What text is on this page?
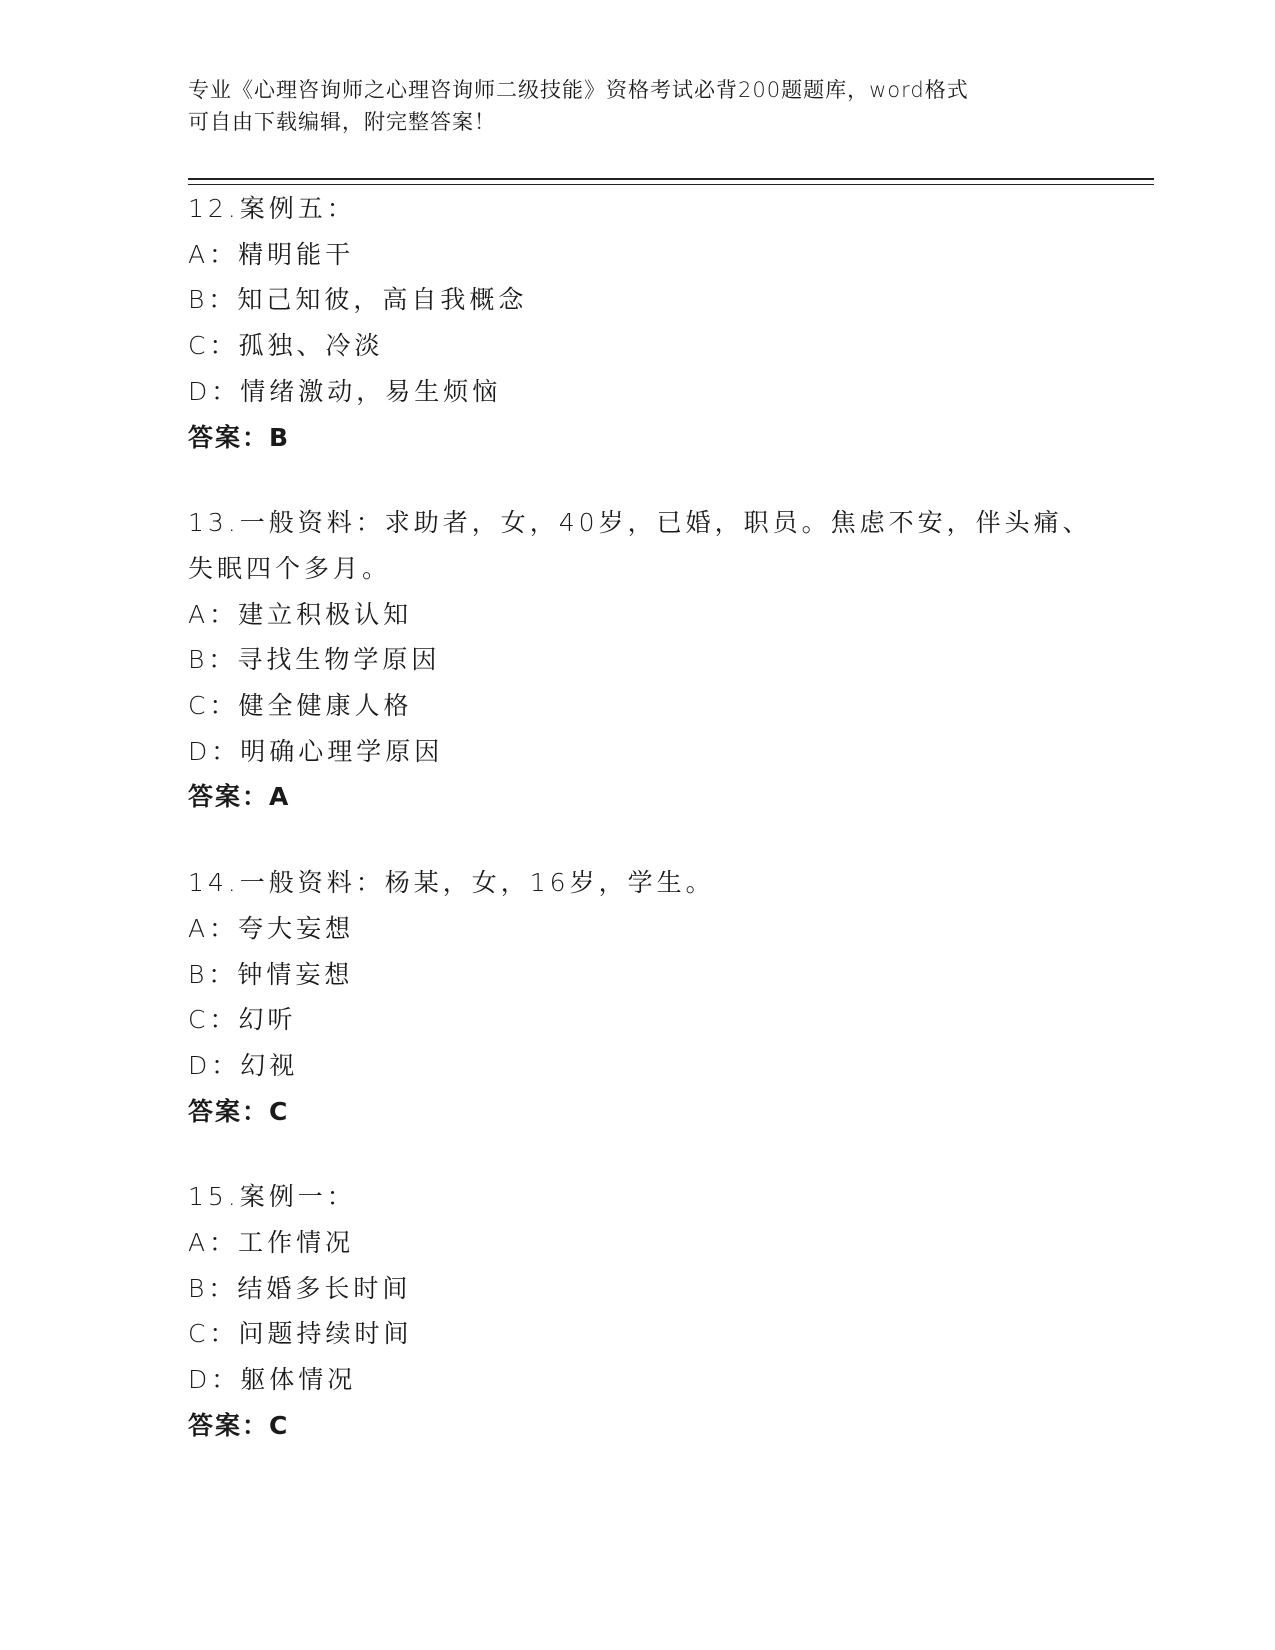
专业《心理咨询师之心理咨询师二级技能》资格考试必背200题题库，word格式
可自由下载编辑，附完整答案！
12.案例五：
A：精明能干
B：知己知彼，高自我概念
C：孤独、冷淡
D：情绪激动，易生烦恼
答案：B
13.一般资料：求助者，女，40岁，已婚，职员。焦虑不安，伴头痛、
失眠四个多月。
A：建立积极认知
B：寻找生物学原因
C：健全健康人格
D：明确心理学原因
答案：A
14.一般资料：杨某，女，16岁，学生。
A：夸大妄想
B：钟情妄想
C：幻听
D：幻视
答案：C
15.案例一：
A：工作情况
B：结婚多长时间
C：问题持续时间
D：躯体情况
答案：C
